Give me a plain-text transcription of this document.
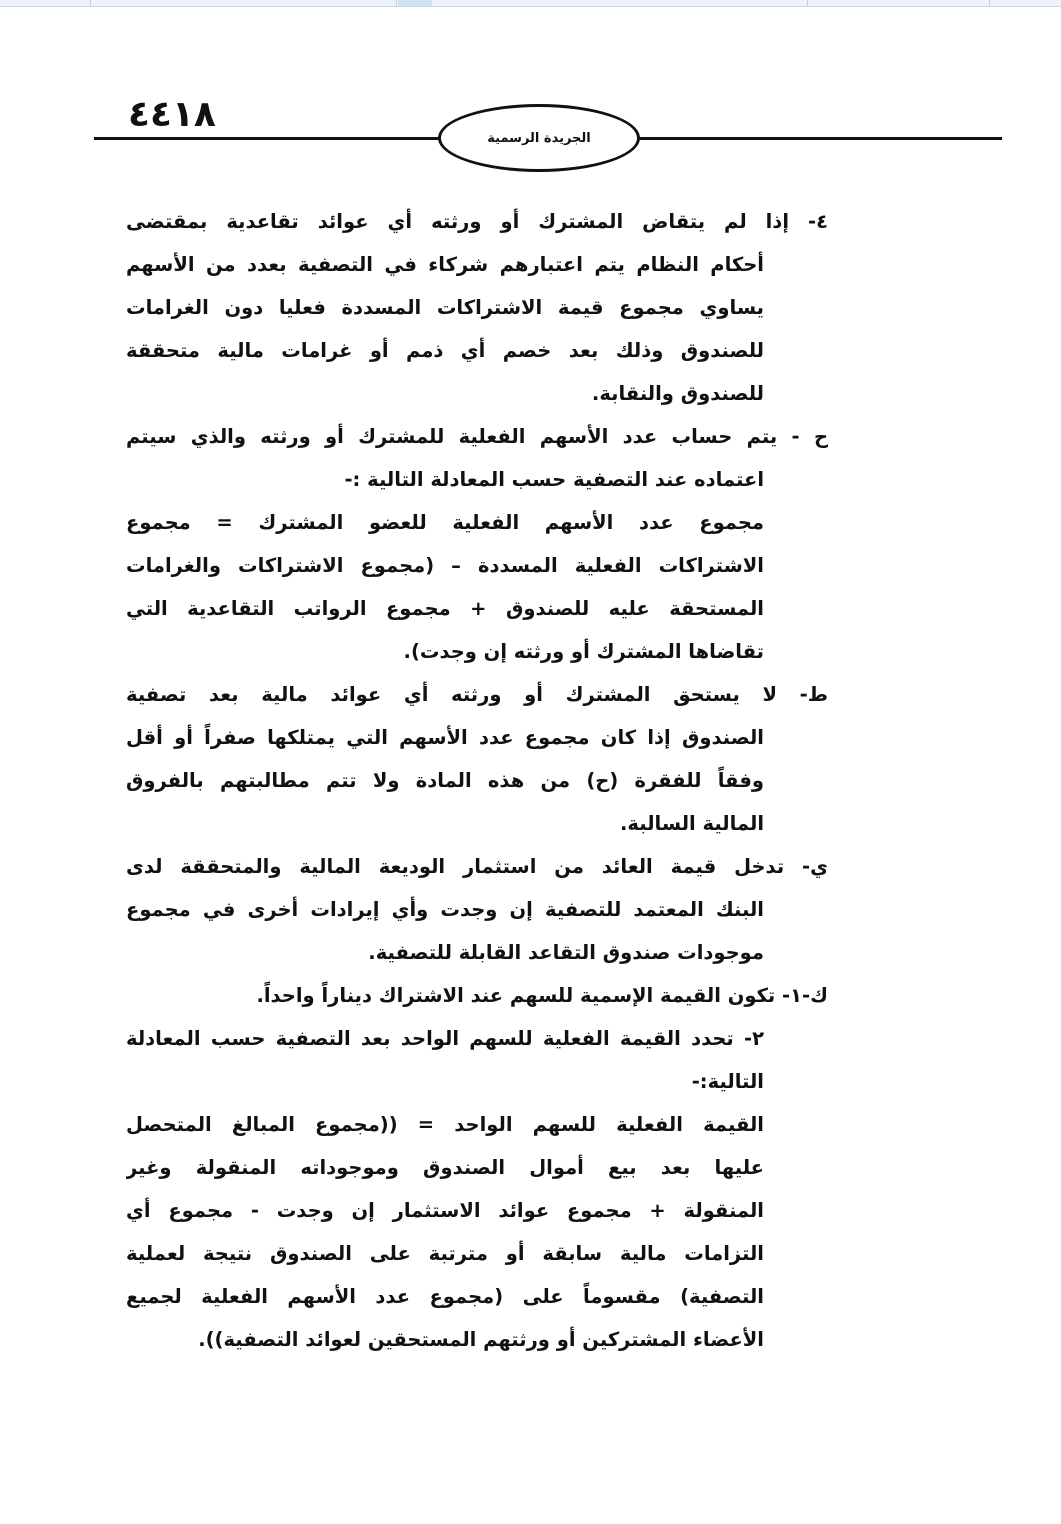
٤٤١٨
الجريدة الرسمية
٤- إذا لم يتقاض المشترك أو ورثته أي عوائد تقاعدية بمقتضى
أحكام النظام يتم اعتبارهم شركاء في التصفية بعدد من الأسهم
يساوي مجموع قيمة الاشتراكات المسددة فعليا دون الغرامات
للصندوق وذلك بعد خصم أي ذمم أو غرامات مالية متحققة
للصندوق والنقابة.
ح - يتم حساب عدد الأسهم الفعلية للمشترك أو ورثته والذي سيتم
اعتماده عند التصفية حسب المعادلة التالية :-
مجموع عدد الأسهم الفعلية للعضو المشترك = مجموع
الاشتراكات الفعلية المسددة – (مجموع الاشتراكات والغرامات
المستحقة عليه للصندوق + مجموع الرواتب التقاعدية التي
تقاضاها المشترك أو ورثته إن وجدت).
ط- لا يستحق المشترك أو ورثته أي عوائد مالية بعد تصفية
الصندوق إذا كان مجموع عدد الأسهم التي يمتلكها صفراً أو أقل
وفقاً للفقرة (ح) من هذه المادة ولا تتم مطالبتهم بالفروق
المالية السالبة.
ي- تدخل قيمة العائد من استثمار الوديعة المالية والمتحققة لدى
البنك المعتمد للتصفية إن وجدت وأي إيرادات أخرى في مجموع
موجودات صندوق التقاعد القابلة للتصفية.
ك-١- تكون القيمة الإسمية للسهم عند الاشتراك ديناراً واحداً.
٢- تحدد القيمة الفعلية للسهم الواحد بعد التصفية حسب المعادلة
التالية:-
القيمة الفعلية للسهم الواحد = ((مجموع المبالغ المتحصل
عليها بعد بيع أموال الصندوق وموجوداته المنقولة وغير
المنقولة + مجموع عوائد الاستثمار إن وجدت - مجموع أي
التزامات مالية سابقة أو مترتبة على الصندوق نتيجة لعملية
التصفية) مقسوماً على (مجموع عدد الأسهم الفعلية لجميع
الأعضاء المشتركين أو ورثتهم المستحقين لعوائد التصفية)).
